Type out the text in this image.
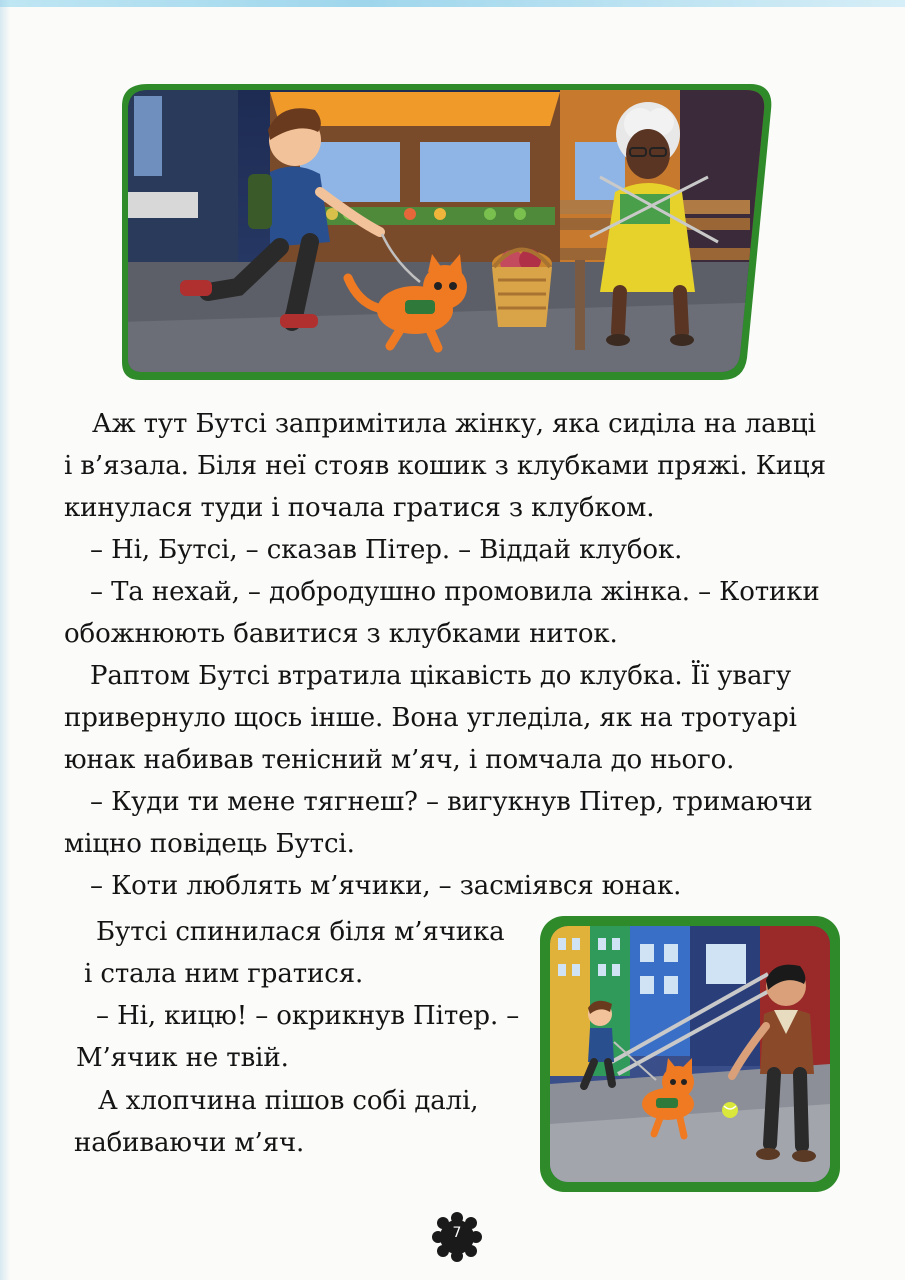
Аж тут Бутсі запримітила жінку, яка сиділа на лавці
і в’язала. Біля неї стояв кошик з клубками пряжі. Киця
кинулася туди і почала гратися з клубком.
– Ні, Бутсі, – сказав Пітер. – Віддай клубок.
– Та нехай, – добродушно промовила жінка. – Котики
обожнюють бавитися з клубками ниток.
Раптом Бутсі втратила цікавість до клубка. Її увагу
привернуло щось інше. Вона угледіла, як на тротуарі
юнак набивав тенісний м’яч, і помчала до нього.
– Куди ти мене тягнеш? – вигукнув Пітер, тримаючи
міцно повідець Бутсі.
– Коти люблять м’ячики, – засміявся юнак.
Бутсі спинилася біля м’ячика
і стала ним гратися.
– Ні, кицю! – окрикнув Пітер. –
М’ячик не твій.
А хлопчина пішов собі далі,
набиваючи м’яч.
7
